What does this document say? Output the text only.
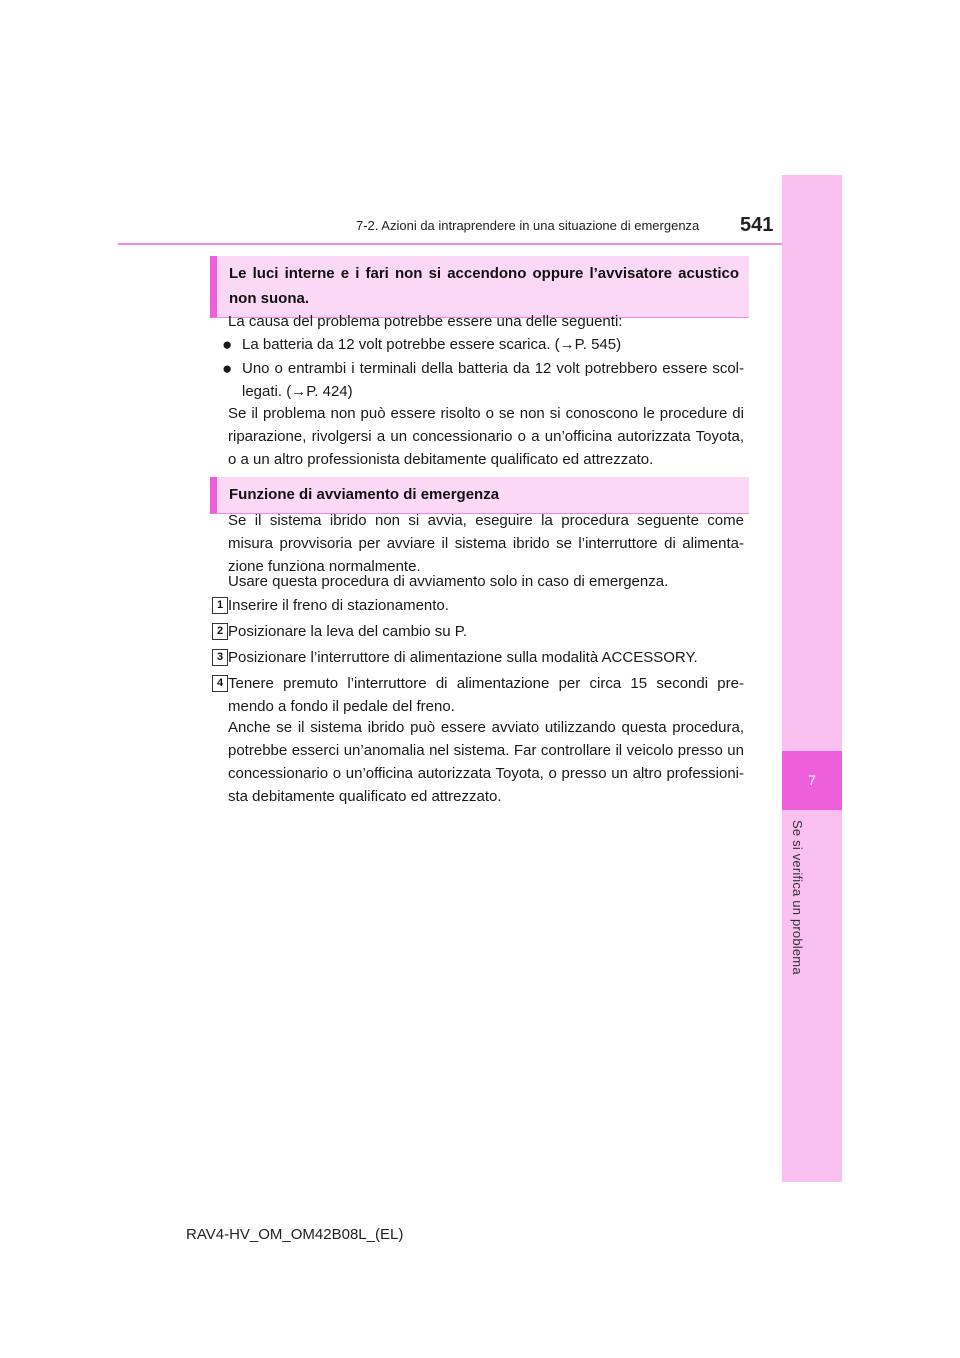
7
Se si verifica un problema
7-2. Azioni da intraprendere in una situazione di emergenza 541
Le luci interne e i fari non si accendono oppure l’avvisatore acustico non suona.

La causa del problema potrebbe essere una delle seguenti:

● La batteria da 12 volt potrebbe essere scarica. (→P. 545)
● Uno o entrambi i terminali della batteria da 12 volt potrebbero essere scol-legati. (→P. 424)

Se il problema non può essere risolto o se non si conoscono le procedure di riparazione, rivolgersi a un concessionario o a un’officina autorizzata Toyota, o a un altro professionista debitamente qualificato ed attrezzato.

Funzione di avviamento di emergenza

Se il sistema ibrido non si avvia, eseguire la procedura seguente come misura provvisoria per avviare il sistema ibrido se l’interruttore di alimenta-zione funziona normalmente.

Usare questa procedura di avviamento solo in caso di emergenza.

1 Inserire il freno di stazionamento.

2 Posizionare la leva del cambio su P.

3 Posizionare l’interruttore di alimentazione sulla modalità ACCESSORY.

4 Tenere premuto l’interruttore di alimentazione per circa 15 secondi pre-mendo a fondo il pedale del freno.

Anche se il sistema ibrido può essere avviato utilizzando questa procedura, potrebbe esserci un’anomalia nel sistema. Far controllare il veicolo presso un concessionario o un’officina autorizzata Toyota, o presso un altro professioni-sta debitamente qualificato ed attrezzato.

RAV4-HV_OM_OM42B08L_(EL)
